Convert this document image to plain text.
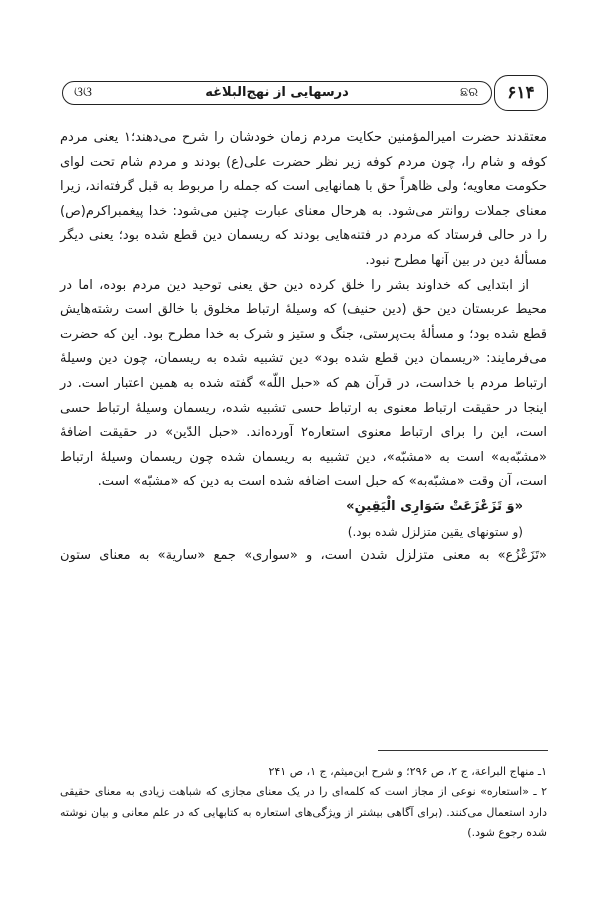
ଓଓ	درسهایی از نهج‌البلاغه	ଛର	۶۱۴

معتقدند حضرت امیرالمؤمنین حکایت مردم زمان خودشان را شرح می‌دهند؛۱ یعنی مردم کوفه و شام را، چون مردم کوفه زیر نظر حضرت علی(ع) بودند و مردم شام تحت لوای حکومت معاویه؛ ولی ظاهراً حق با همانهایی است که جمله را مربوط به قبل گرفته‌اند، زیرا معنای جملات روانتر می‌شود. به هرحال معنای عبارت چنین می‌شود: خدا پیغمبراکرم(ص) را در حالی فرستاد که مردم در فتنه‌هایی بودند که ریسمان دین قطع شده بود؛ یعنی دیگر مسألهٔ دین در بین آنها مطرح نبود.

از ابتدایی که خداوند بشر را خلق کرده دین حق یعنی توحید دین مردم بوده، اما در محیط عربستان دین حق (دین حنیف) که وسیلهٔ ارتباط مخلوق با خالق است رشته‌هایش قطع شده بود؛ و مسألهٔ بت‌پرستی، جنگ و ستیز و شرک به خدا مطرح بود. این که حضرت می‌فرمایند: «ریسمان دین قطع شده بود» دین تشبیه شده به ریسمان، چون دین وسیلهٔ ارتباط مردم با خداست، در قرآن هم که «حبل اللّه» گفته شده به همین اعتبار است. در اینجا در حقیقت ارتباط معنوی به ارتباط حسی تشبیه شده، ریسمان وسیلهٔ ارتباط حسی است، این را برای ارتباط معنوی استعاره۲ آورده‌اند. «حبل الدّین» در حقیقت اضافهٔ «مشبّه‌به» است به «مشبّه»، دین تشبیه به ریسمان شده چون ریسمان وسیلهٔ ارتباط است، آن وقت «مشبّه‌به» که حبل است اضافه شده است به دین که «مشبّه» است.

«وَ تَزَعْزَعَتْ سَوَارِی الْیَقِینِ»

(و ستونهای یقین متزلزل شده بود.)

«تَزَعْزُع» به معنی متزلزل شدن است، و «سواری» جمع «ساریة» به معنای ستون

۱ـ منهاج البراعة، ج ۲، ص ۲۹۶؛ و شرح ابن‌میثم، ج ۱، ص ۲۴۱

۲ ـ «استعاره» نوعی از مجاز است که کلمه‌ای را در یک معنای مجازی که شباهت زیادی به معنای حقیقی دارد استعمال می‌کنند. (برای آگاهی بیشتر از ویژگی‌های استعاره به کتابهایی که در علم معانی و بیان نوشته شده رجوع شود.)
